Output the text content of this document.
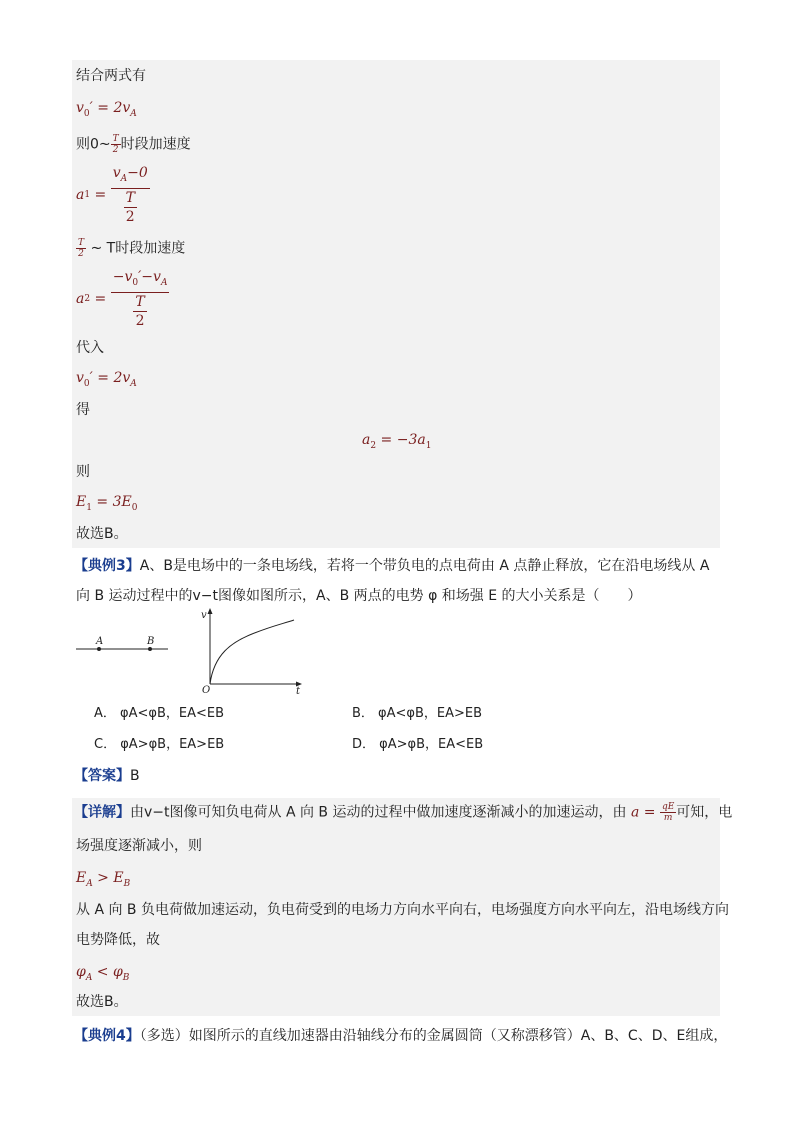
结合两式有
$v_0' = 2v_A$
则0~ $\frac{T}{2}$ 时段加速度
a $1 = \frac{v_A-0}{\frac{T}{2}}$
$\frac{T}{2}$ ~ T时段加速度
a $2 = \frac{-v_0'-v_A}{\frac{T}{2}}$
代入
$v_0' = 2v_A$
得
$a_2 = -3a_1$
则
$E_1 = 3E_0$
故选B。
【典例3】A、B是电场中的一条电场线，若将一个带负电的点电荷由 A 点静止释放，它在沿电场线从 A
向 B 运动过程中的v−t图像如图所示，A、B 两点的电势 φ 和场强 E 的大小关系是（　　）
A	B
v
t
O
A． φA<φB，EA<EB	B． φA<φB，EA>EB
C． φA>φB，EA>EB	D． φA>φB，EA<EB
【答案】B
【详解】由v−t图像可知负电荷从 A 向 B 运动的过程中做加速度逐渐减小的加速运动，由 $a = \frac{qE}{m}$ 可知，电
场强度逐渐减小，则
$E_A > E_B$
从 A 向 B 负电荷做加速运动，负电荷受到的电场力方向水平向右，电场强度方向水平向左，沿电场线方向
电势降低，故
$\varphi_A < \varphi_B$
故选B。
【典例4】（多选）如图所示的直线加速器由沿轴线分布的金属圆筒（又称漂移管）A、B、C、D、E组成，
